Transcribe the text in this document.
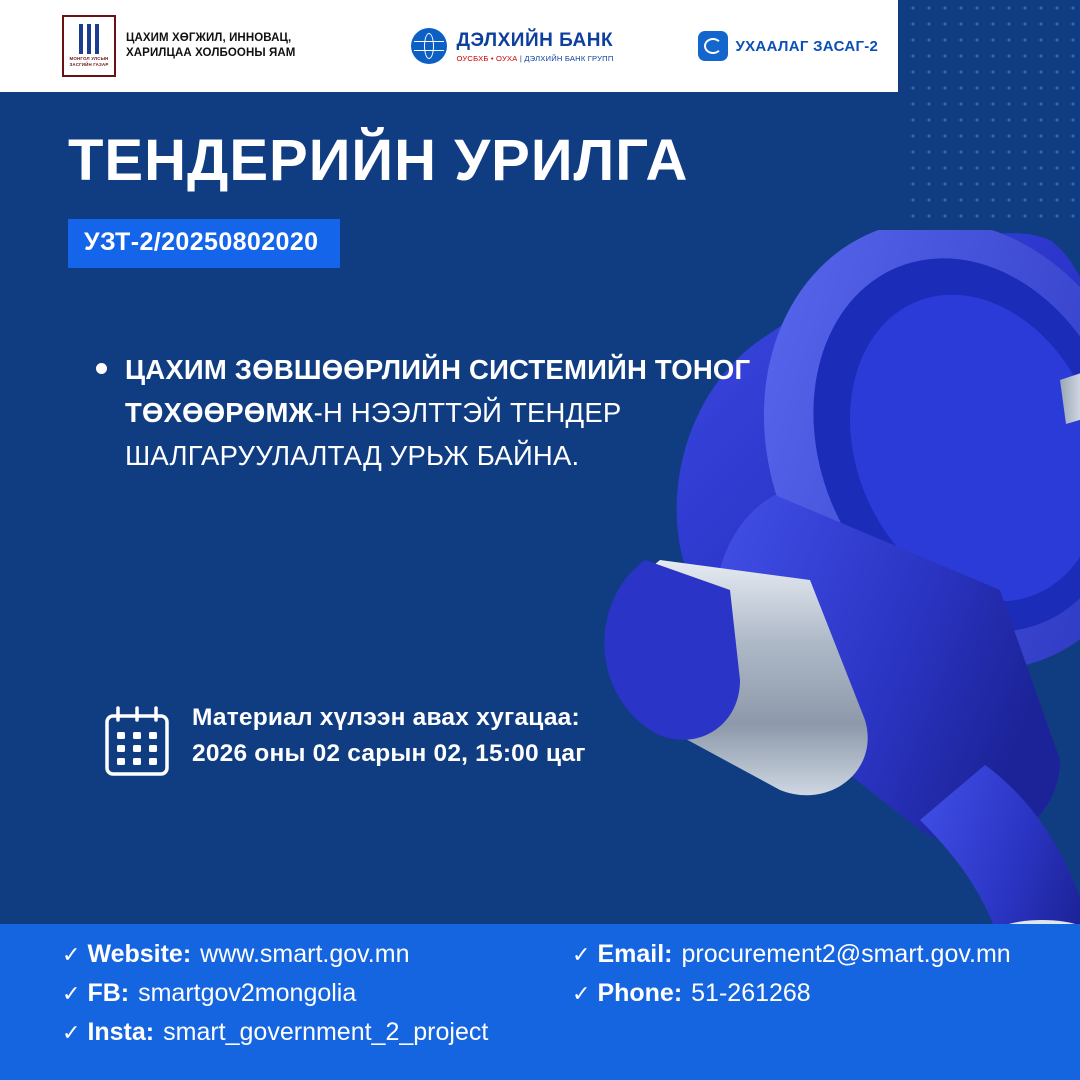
МОНГОЛ УЛСЫН ЗАСГИЙН ГАЗАР
ЦАХИМ ХӨГЖИЛ, ИННОВАЦ,
ХАРИЛЦАА ХОЛБООНЫ ЯАМ
ДЭЛХИЙН БАНК
ОУСБХБ • ОУХА | ДЭЛХИЙН БАНК ГРУПП
УХААЛАГ ЗАСАГ-2
ТЕНДЕРИЙН УРИЛГА
УЗТ-2/20250802020
ЦАХИМ ЗӨВШӨӨРЛИЙН СИСТЕМИЙН ТОНОГ ТӨХӨӨРӨМЖ-Н НЭЭЛТТЭЙ ТЕНДЕР ШАЛГАРУУЛАЛТАД УРЬЖ БАЙНА.
Материал хүлээн авах хугацаа:
2026 оны 02 сарын 02, 15:00 цаг
✓ Website: www.smart.gov.mn
✓ FB: smartgov2mongolia
✓ Insta: smart_government_2_project
✓ Email: procurement2@smart.gov.mn
✓ Phone: 51-261268
